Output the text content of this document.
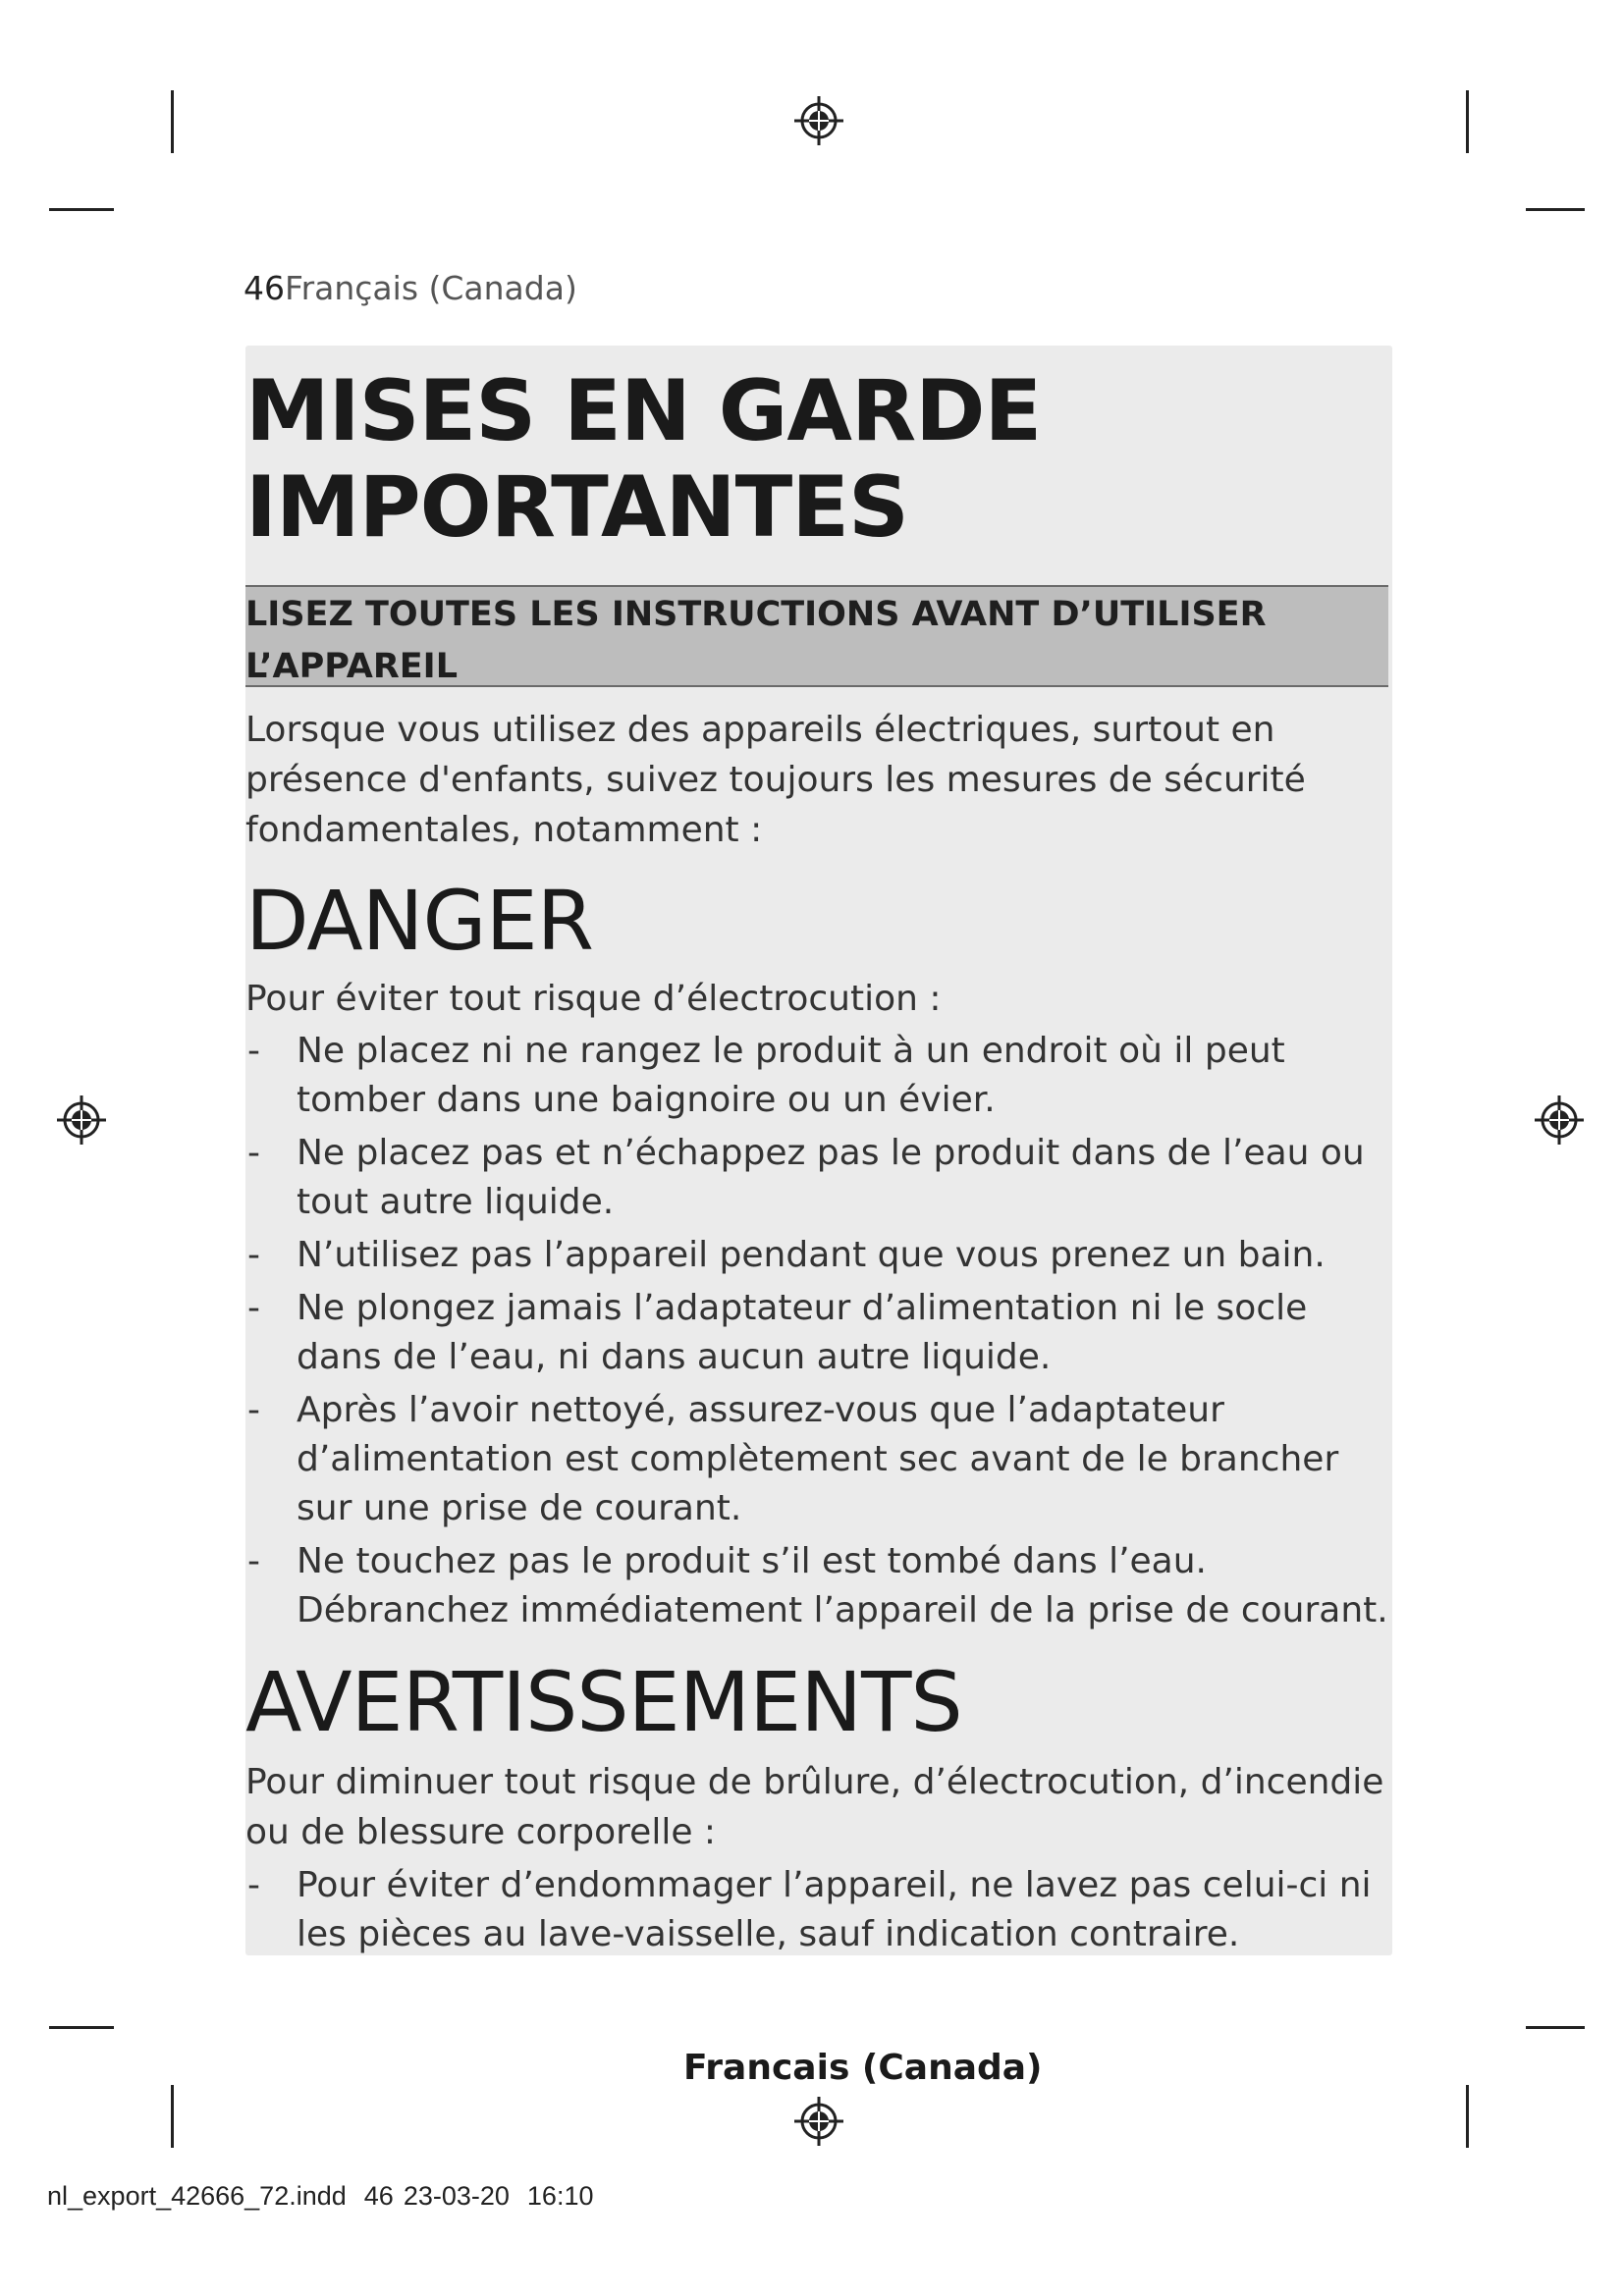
46Français (Canada)
MISES EN GARDE
IMPORTANTES
LISEZ TOUTES LES INSTRUCTIONS AVANT D’UTILISER
L’APPAREIL
Lorsque vous utilisez des appareils électriques, surtout en présence d'enfants, suivez toujours les mesures de sécurité fondamentales, notamment :
DANGER
Pour éviter tout risque d’électrocution :
- Ne placez ni ne rangez le produit à un endroit où il peut tomber dans une baignoire ou un évier.
- Ne placez pas et n’échappez pas le produit dans de l’eau ou tout autre liquide.
- N’utilisez pas l’appareil pendant que vous prenez un bain.
- Ne plongez jamais l’adaptateur d’alimentation ni le socle dans de l’eau, ni dans aucun autre liquide.
- Après l’avoir nettoyé, assurez-vous que l’adaptateur d’alimentation est complètement sec avant de le brancher sur une prise de courant.
- Ne touchez pas le produit s’il est tombé dans l’eau. Débranchez immédiatement l’appareil de la prise de courant.
AVERTISSEMENTS
Pour diminuer tout risque de brûlure, d’électrocution, d’incendie ou de blessure corporelle :
- Pour éviter d’endommager l’appareil, ne lavez pas celui-ci ni les pièces au lave-vaisselle, sauf indication contraire.
Francais (Canada)
nl_export_42666_72.indd 46 23-03-20 16:10
